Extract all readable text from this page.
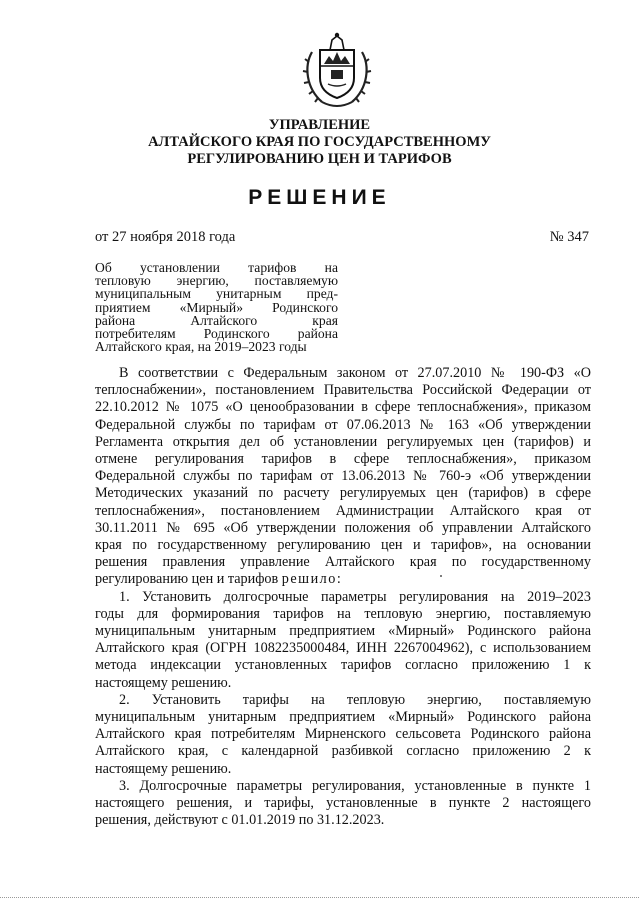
УПРАВЛЕНИЕ
АЛТАЙСКОГО КРАЯ ПО ГОСУДАРСТВЕННОМУ
РЕГУЛИРОВАНИЮ ЦЕН И ТАРИФОВ
РЕШЕНИЕ
от 27 ноября 2018 года	№ 347
Об установлении тарифов на
тепловую энергию, поставляемую
муниципальным унитарным пред-
приятием «Мирный» Родинского
района Алтайского края
потребителям Родинского района
Алтайского края, на 2019–2023 годы
В соответствии с Федеральным законом от 27.07.2010 № 190-ФЗ «О
теплоснабжении», постановлением Правительства Российской Федерации от
22.10.2012 № 1075 «О ценообразовании в сфере теплоснабжения», приказом
Федеральной службы по тарифам от 07.06.2013 № 163 «Об утверждении
Регламента открытия дел об установлении регулируемых цен (тарифов) и
отмене регулирования тарифов в сфере теплоснабжения», приказом
Федеральной службы по тарифам от 13.06.2013 № 760-э «Об утверждении
Методических указаний по расчету регулируемых цен (тарифов) в сфере
теплоснабжения», постановлением Администрации Алтайского края от
30.11.2011 № 695 «Об утверждении положения об управлении Алтайского
края по государственному регулированию цен и тарифов», на основании
решения правления управление Алтайского края по государственному
регулированию цен и тарифов решило:
1. Установить долгосрочные параметры регулирования на 2019–2023
годы для формирования тарифов на тепловую энергию, поставляемую
муниципальным унитарным предприятием «Мирный» Родинского района
Алтайского края (ОГРН 1082235000484, ИНН 2267004962), с использованием
метода индексации установленных тарифов согласно приложению 1 к
настоящему решению.
2. Установить тарифы на тепловую энергию, поставляемую
муниципальным унитарным предприятием «Мирный» Родинского района
Алтайского края потребителям Мирненского сельсовета Родинского района
Алтайского края, с календарной разбивкой согласно приложению 2 к
настоящему решению.
3. Долгосрочные параметры регулирования, установленные в пункте 1
настоящего решения, и тарифы, установленные в пункте 2 настоящего
решения, действуют с 01.01.2019 по 31.12.2023.
